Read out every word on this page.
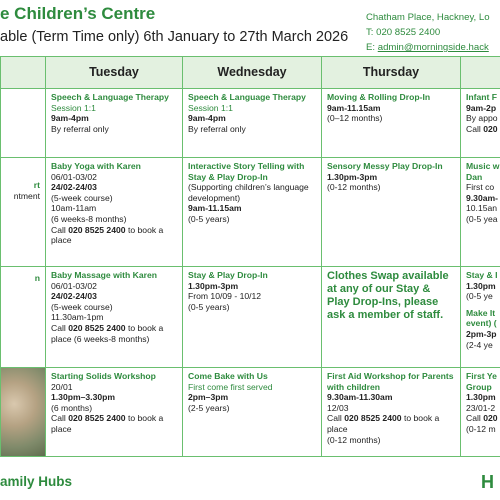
e Children’s Centre
able (Term Time only) 6th January to 27th March 2026
Chatham Place, Hackney, Lo
T: 020 8525 2400
E: admin@morningside.hack
rt
ntment
n
Tuesday
Speech & Language Therapy
Session 1:1
9am-4pm
By referral only
Baby Yoga with Karen
06/01-03/02
24/02-24/03
(5-week course)
10am-11am
(6 weeks-8 months)
Call 020 8525 2400 to book a place
Baby Massage with Karen
06/01-03/02
24/02-24/03
(5-week course)
11.30am-1pm
Call 020 8525 2400 to book a place (6 weeks-8 months)
Starting Solids Workshop
20/01
1.30pm–3.30pm
(6 months)
Call 020 8525 2400 to book a place
Wednesday
Speech & Language Therapy
Session 1:1
9am-4pm
By referral only
Interactive Story Telling with Stay & Play Drop-In
(Supporting children’s language development)
9am-11.15am
(0-5 years)
Stay & Play Drop-In
1.30pm-3pm
From 10/09 - 10/12
(0-5 years)
Come Bake with Us
First come first served
2pm–3pm
(2-5 years)
Thursday
Moving & Rolling Drop-In
9am-11.15am
(0–12 months)
Sensory Messy Play Drop-In
1.30pm-3pm
(0-12 months)
Clothes Swap available at any of our Stay & Play Drop-Ins, please ask a member of staff.
First Aid Workshop for Parents with children
9.30am-11.30am
12/03
Call 020 8525 2400 to book a place
(0-12 months)
Infant F
9am-2p
By appo
Call 020
Music w
Dan
First co
9.30am-
10.15an
(0-5 yea
Stay & I
1.30pm
(0-5 ye
Make It
event) (
2pm-3p
(2-4 ye
First Ye
Group
1.30pm
23/01-2
Call 020
(0-12 m
amily Hubs	H
